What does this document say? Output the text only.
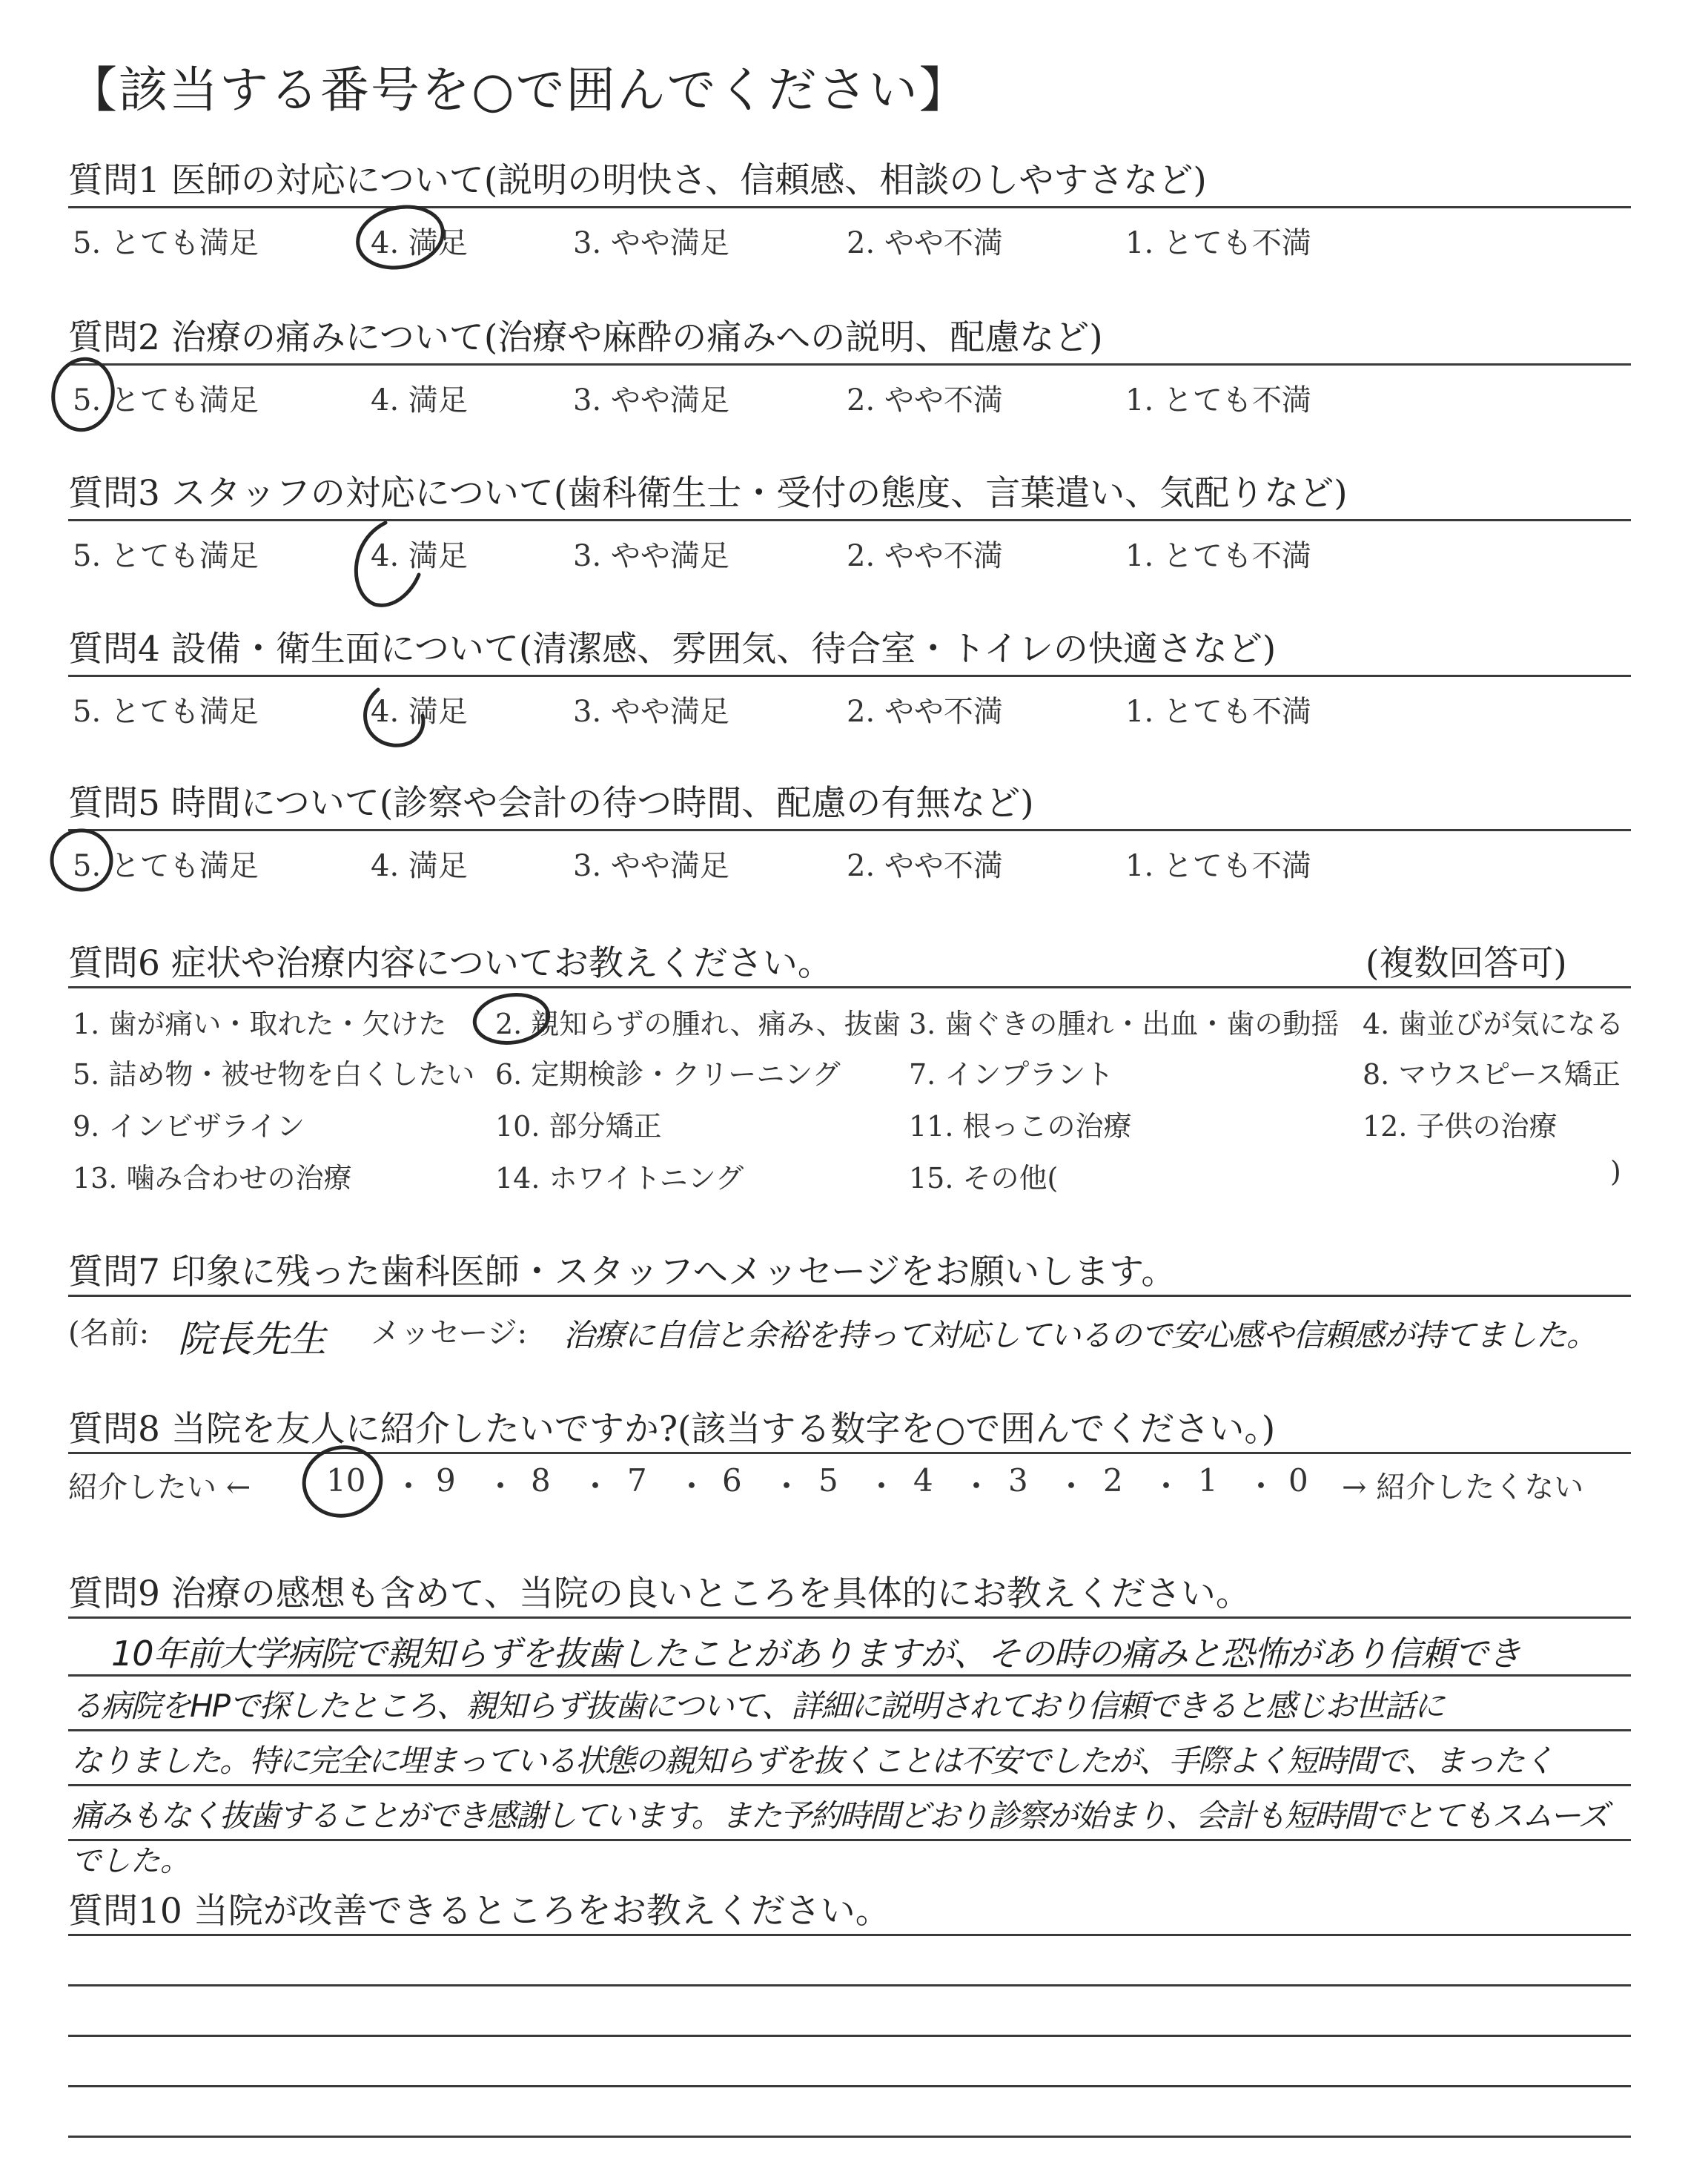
【該当する番号を○で囲んでください】
質問1 医師の対応について(説明の明快さ、信頼感、相談のしやすさなど)
5. とても満足	4. 満足	3. やや満足	2. やや不満	1. とても不満
質問2 治療の痛みについて(治療や麻酔の痛みへの説明、配慮など)
5. とても満足	4. 満足	3. やや満足	2. やや不満	1. とても不満
質問3 スタッフの対応について(歯科衛生士・受付の態度、言葉遣い、気配りなど)
5. とても満足	4. 満足	3. やや満足	2. やや不満	1. とても不満
質問4 設備・衛生面について(清潔感、雰囲気、待合室・トイレの快適さなど)
5. とても満足	4. 満足	3. やや満足	2. やや不満	1. とても不満
質問5 時間について(診察や会計の待つ時間、配慮の有無など)
5. とても満足	4. 満足	3. やや満足	2. やや不満	1. とても不満
質問6 症状や治療内容についてお教えください。	(複数回答可)
1. 歯が痛い・取れた・欠けた 2. 親知らずの腫れ、痛み、抜歯 3. 歯ぐきの腫れ・出血・歯の動揺 4. 歯並びが気になる
5. 詰め物・被せ物を白くしたい 6. 定期検診・クリーニング 7. インプラント	8. マウスピース矯正
9. インビザライン	10. 部分矯正	11. 根っこの治療	12. 子供の治療
13. 噛み合わせの治療	14. ホワイトニング	15. その他(	)
質問7 印象に残った歯科医師・スタッフへメッセージをお願いします。
(名前: 院長先生 メッセージ: 治療に自信と余裕を持って対応しているので安心感や信頼感が持てました。
質問8 当院を友人に紹介したいですか?(該当する数字を○で囲んでください。)
紹介したい ←	→ 紹介したくない
10 ・ 9 ・ 8 ・ 7 ・ 6 ・ 5 ・ 4 ・ 3 ・ 2 ・ 1 ・ 0
質問9 治療の感想も含めて、当院の良いところを具体的にお教えください。
10年前大学病院で親知らずを抜歯したことがありますが、その時の痛みと恐怖があり信頼でき
る病院をHPで探したところ、親知らず抜歯について、詳細に説明されており信頼できると感じお世話に
なりました。特に完全に埋まっている状態の親知らずを抜くことは不安でしたが、手際よく短時間で、まったく
痛みもなく抜歯することができ感謝しています。また予約時間どおり診察が始まり、会計も短時間でとてもスムーズ
でした。
質問10 当院が改善できるところをお教えください。
